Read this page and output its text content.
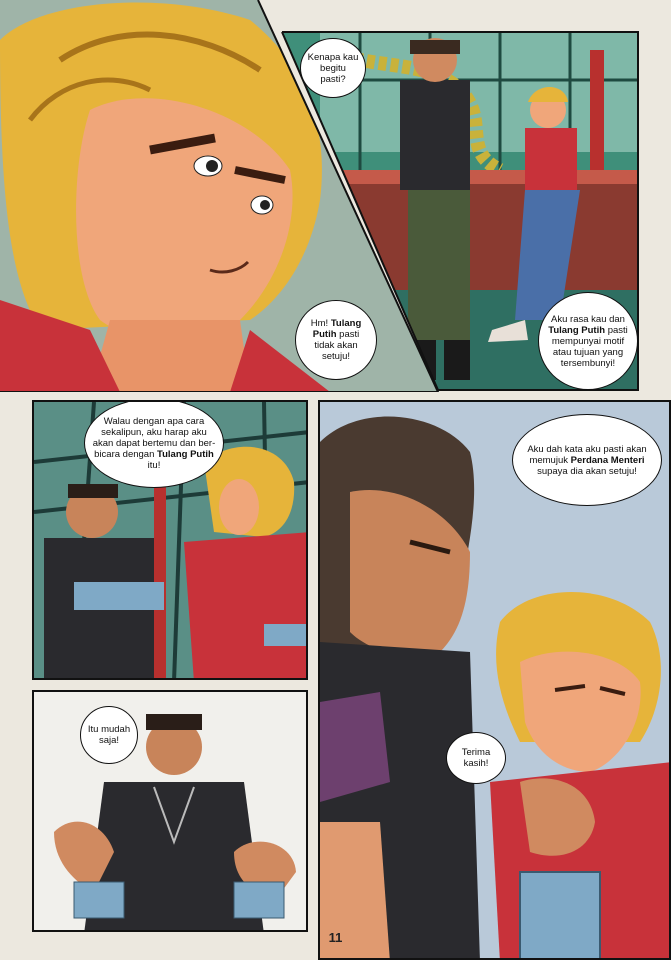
Hm! Tulang Putih pasti tidak akan setuju!
Kenapa kau begitu pasti?
Aku rasa kau dan Tulang Putih pasti mempunyai motif atau tujuan yang tersembunyi!
Walau dengan apa cara sekalipun, aku harap aku akan dapat bertemu dan ber-bicara dengan Tulang Putih itu!
Aku dah kata aku pasti akan memujuk Perdana Menteri supaya dia akan setuju!
Terima kasih!
Itu mudah saja!
11
